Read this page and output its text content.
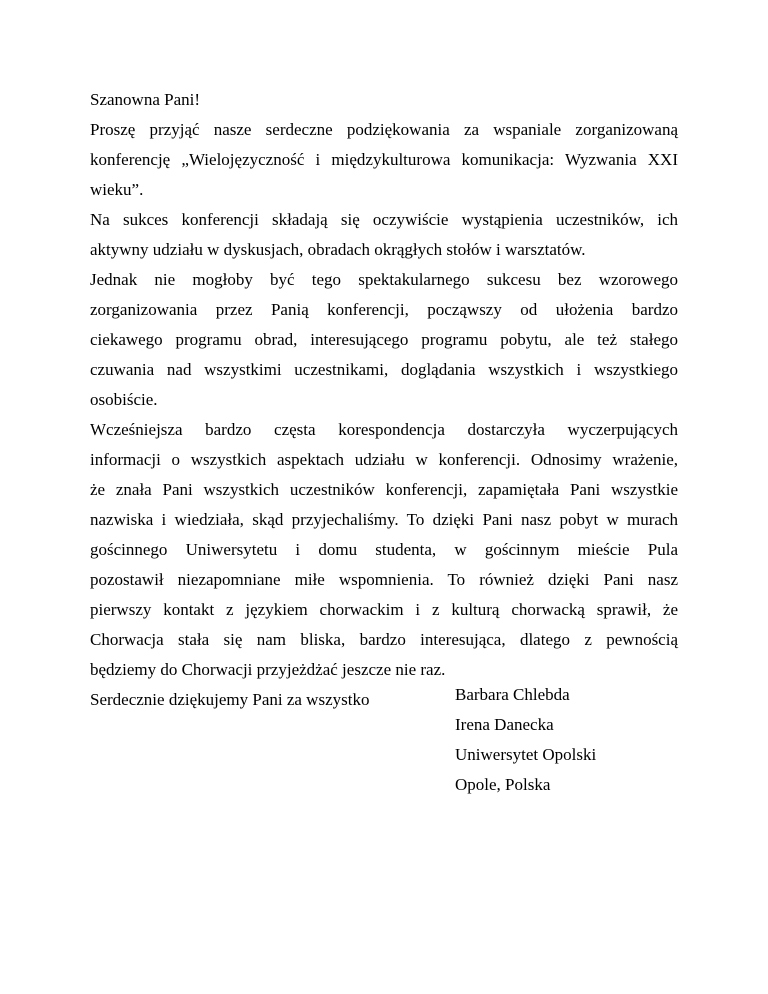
Szanowna Pani!

Proszę przyjąć nasze serdeczne podziękowania za wspaniale zorganizowaną

konferencję „Wielojęzyczność i międzykulturowa komunikacja: Wyzwania XXI

wieku”.

Na sukces konferencji składają się oczywiście wystąpienia uczestników, ich

aktywny udziału w dyskusjach, obradach okrągłych stołów i warsztatów.

Jednak nie mogłoby być tego spektakularnego sukcesu bez wzorowego

zorganizowania przez Panią konferencji, począwszy od ułożenia bardzo

ciekawego programu obrad, interesującego programu pobytu, ale też stałego

czuwania nad wszystkimi uczestnikami, doglądania wszystkich i wszystkiego

osobiście.

Wcześniejsza bardzo częsta korespondencja dostarczyła wyczerpujących

informacji o wszystkich aspektach udziału w konferencji. Odnosimy wrażenie,

że znała Pani wszystkich uczestników konferencji, zapamiętała Pani wszystkie

nazwiska i wiedziała, skąd przyjechaliśmy. To dzięki Pani nasz pobyt w murach

gościnnego Uniwersytetu i domu studenta, w gościnnym mieście Pula

pozostawił niezapomniane miłe wspomnienia. To również dzięki Pani nasz

pierwszy kontakt z językiem chorwackim i z kulturą chorwacką sprawił, że

Chorwacja stała się nam bliska, bardzo interesująca, dlatego z pewnością

będziemy do Chorwacji przyjeżdżać jeszcze nie raz.

Serdecznie dziękujemy Pani za wszystko	Barbara Chlebda

Irena Danecka

Uniwersytet Opolski

Opole, Polska
